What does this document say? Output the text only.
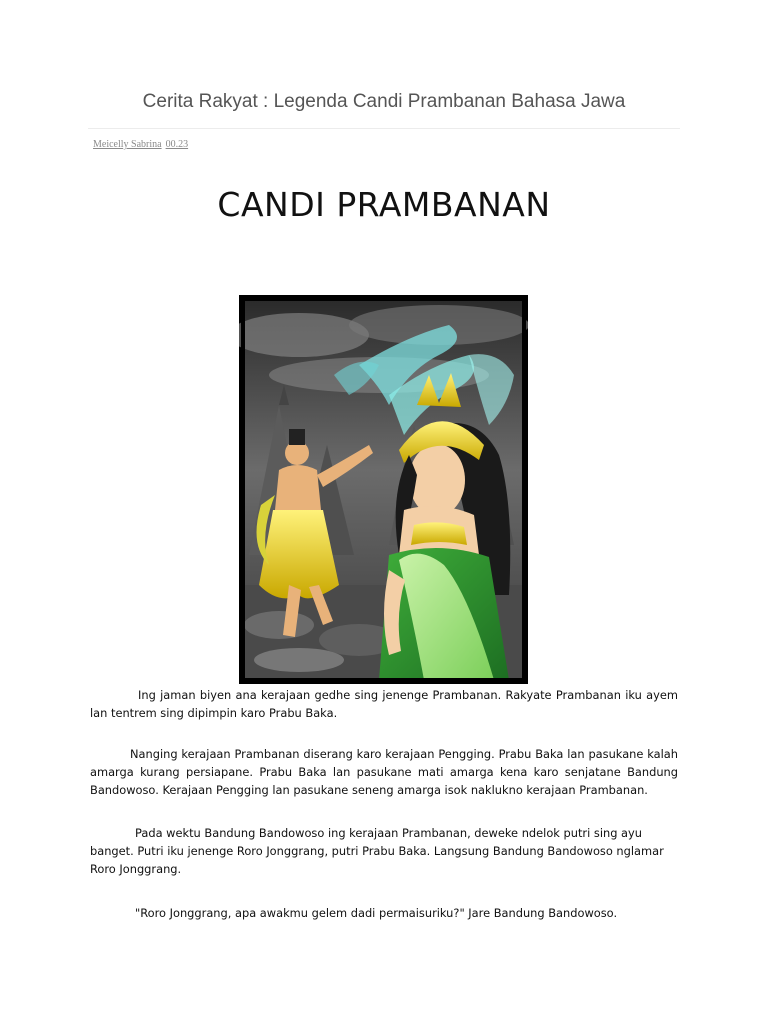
Cerita Rakyat : Legenda Candi Prambanan Bahasa Jawa
Meicelly Sabrina 00.23
CANDI PRAMBANAN

Ing jaman biyen ana kerajaan gedhe sing jenenge Prambanan. Rakyate Prambanan iku ayem lan tentrem sing dipimpin karo Prabu Baka.

Nanging kerajaan Prambanan diserang karo kerajaan Pengging. Prabu Baka lan pasukane kalah amarga kurang persiapane. Prabu Baka lan pasukane mati amarga kena karo senjatane Bandung Bandowoso. Kerajaan Pengging lan pasukane seneng amarga isok naklukno kerajaan Prambanan.

Pada wektu Bandung Bandowoso ing kerajaan Prambanan, deweke ndelok putri sing ayu banget. Putri iku jenenge Roro Jonggrang, putri Prabu Baka. Langsung Bandung Bandowoso nglamar Roro Jonggrang.

"Roro Jonggrang, apa awakmu gelem dadi permaisuriku?" Jare Bandung Bandowoso.
